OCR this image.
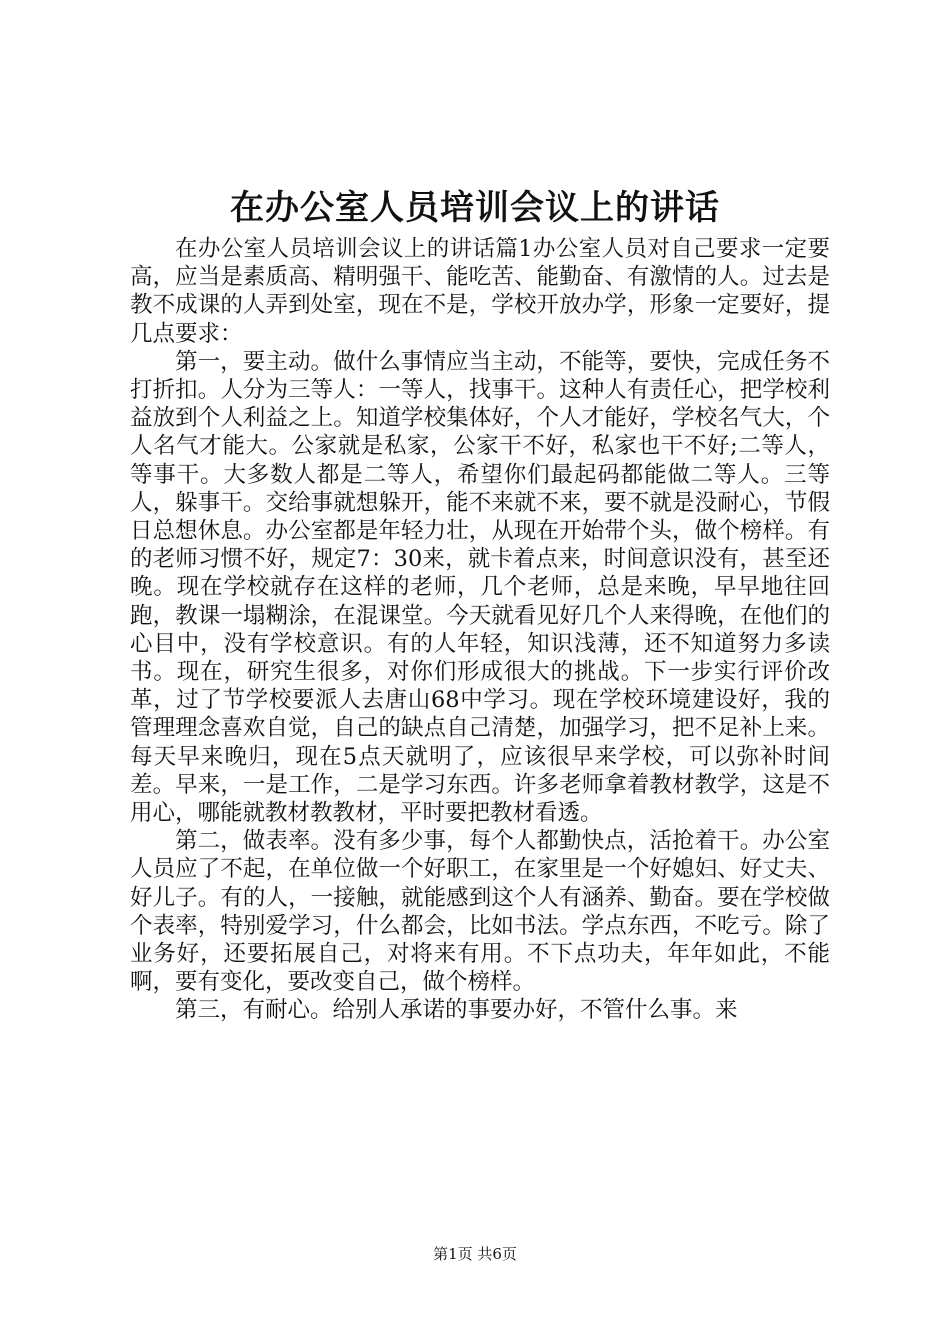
在办公室人员培训会议上的讲话

在办公室人员培训会议上的讲话篇1办公室人员对自己要求一定要高，应当是素质高、精明强干、能吃苦、能勤奋、有激情的人。过去是教不成课的人弄到处室，现在不是，学校开放办学，形象一定要好，提几点要求：

第一，要主动。做什么事情应当主动，不能等，要快，完成任务不打折扣。人分为三等人：一等人，找事干。这种人有责任心，把学校利益放到个人利益之上。知道学校集体好，个人才能好，学校名气大，个人名气才能大。公家就是私家，公家干不好，私家也干不好;二等人，等事干。大多数人都是二等人，希望你们最起码都能做二等人。三等人，躲事干。交给事就想躲开，能不来就不来，要不就是没耐心，节假日总想休息。办公室都是年轻力壮，从现在开始带个头，做个榜样。有的老师习惯不好，规定7：30来，就卡着点来，时间意识没有，甚至还晚。现在学校就存在这样的老师，几个老师，总是来晚，早早地往回跑，教课一塌糊涂，在混课堂。今天就看见好几个人来得晚，在他们的心目中，没有学校意识。有的人年轻，知识浅薄，还不知道努力多读书。现在，研究生很多，对你们形成很大的挑战。下一步实行评价改革，过了节学校要派人去唐山68中学习。现在学校环境建设好，我的管理理念喜欢自觉，自己的缺点自己清楚，加强学习，把不足补上来。每天早来晚归，现在5点天就明了，应该很早来学校，可以弥补时间差。早来，一是工作，二是学习东西。许多老师拿着教材教学，这是不用心，哪能就教材教教材，平时要把教材看透。

第二，做表率。没有多少事，每个人都勤快点，活抢着干。办公室人员应了不起，在单位做一个好职工，在家里是一个好媳妇、好丈夫、好儿子。有的人，一接触，就能感到这个人有涵养、勤奋。要在学校做个表率，特别爱学习，什么都会，比如书法。学点东西，不吃亏。除了业务好，还要拓展自己，对将来有用。不下点功夫，年年如此，不能啊，要有变化，要改变自己，做个榜样。

第三，有耐心。给别人承诺的事要办好，不管什么事。来

第1页 共6页
